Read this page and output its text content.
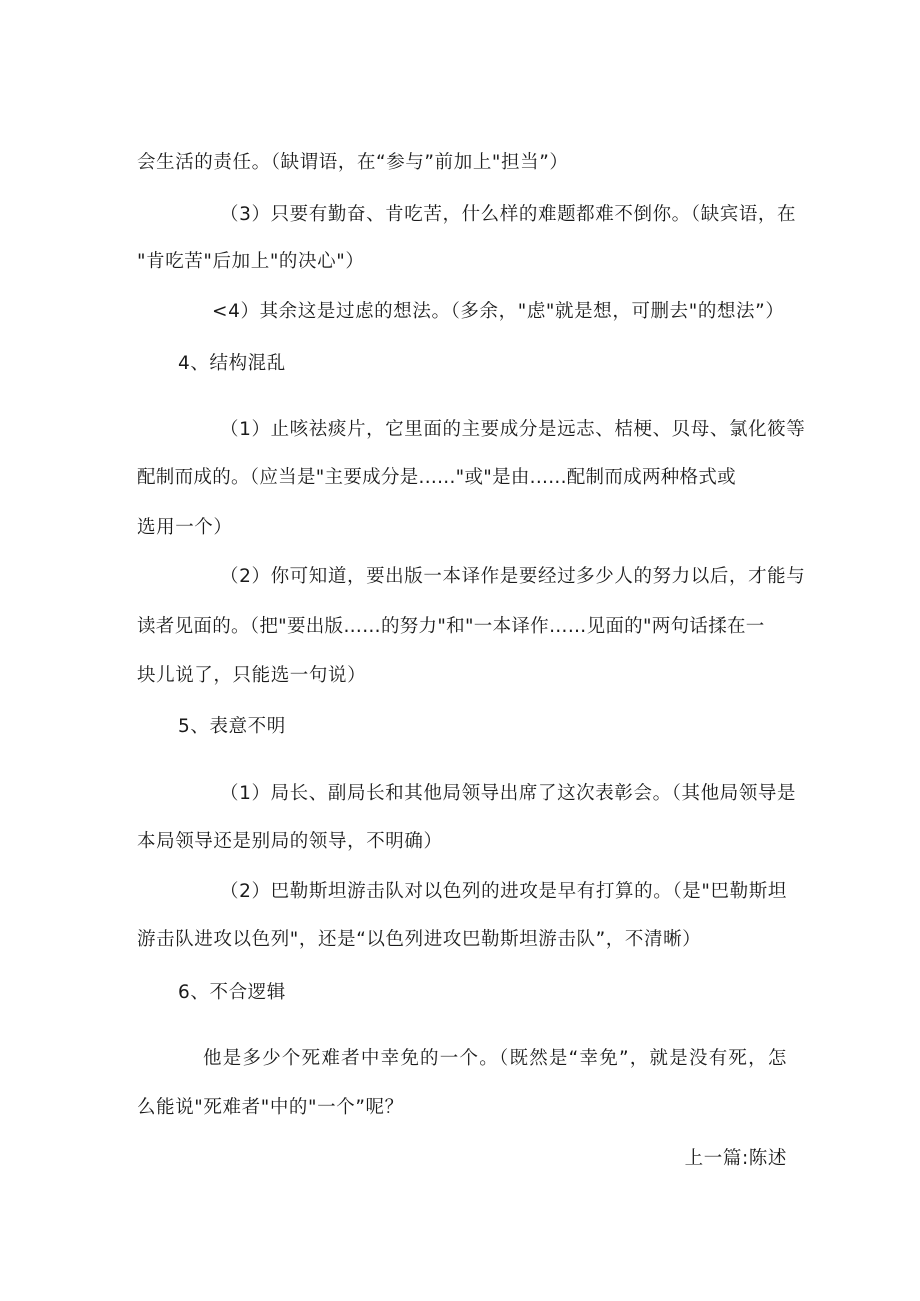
会生活的责任。（缺谓语，在“参与”前加上"担当”）
（3）只要有勤奋、肯吃苦，什么样的难题都难不倒你。（缺宾语，在
"肯吃苦"后加上"的决心"）
<4）其余这是过虑的想法。（多余，"虑"就是想，可删去"的想法”）
4、结构混乱
（1）止咳祛痰片，它里面的主要成分是远志、桔梗、贝母、氯化筱等
配制而成的。（应当是"主要成分是......"或"是由......配制而成两种格式或
选用一个）
（2）你可知道，要出版一本译作是要经过多少人的努力以后，才能与
读者见面的。（把"要出版……的努力"和"一本译作……见面的"两句话揉在一
块儿说了，只能选一句说）
5、表意不明
（1）局长、副局长和其他局领导出席了这次表彰会。（其他局领导是
本局领导还是别局的领导，不明确）
（2）巴勒斯坦游击队对以色列的进攻是早有打算的。（是"巴勒斯坦
游击队进攻以色列"，还是“以色列进攻巴勒斯坦游击队”，不清晰）
6、不合逻辑
他是多少个死难者中幸免的一个。（既然是“幸免”，就是没有死，怎
么能说"死难者"中的"一个”呢？
上一篇:陈述
